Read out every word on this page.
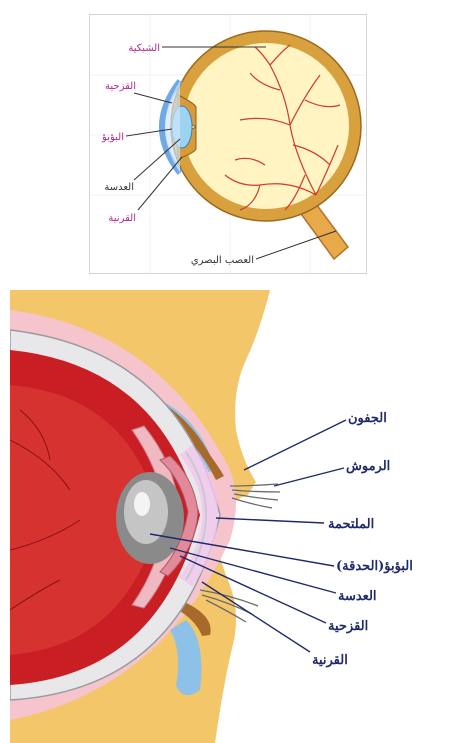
الشبكية
القزحية
البؤبؤ
العدسة
القرنية
العصب البصري
الجفون
الرموش
الملتحمة
البؤبؤ(الحدقة)
العدسة
القزحية
القرنية
